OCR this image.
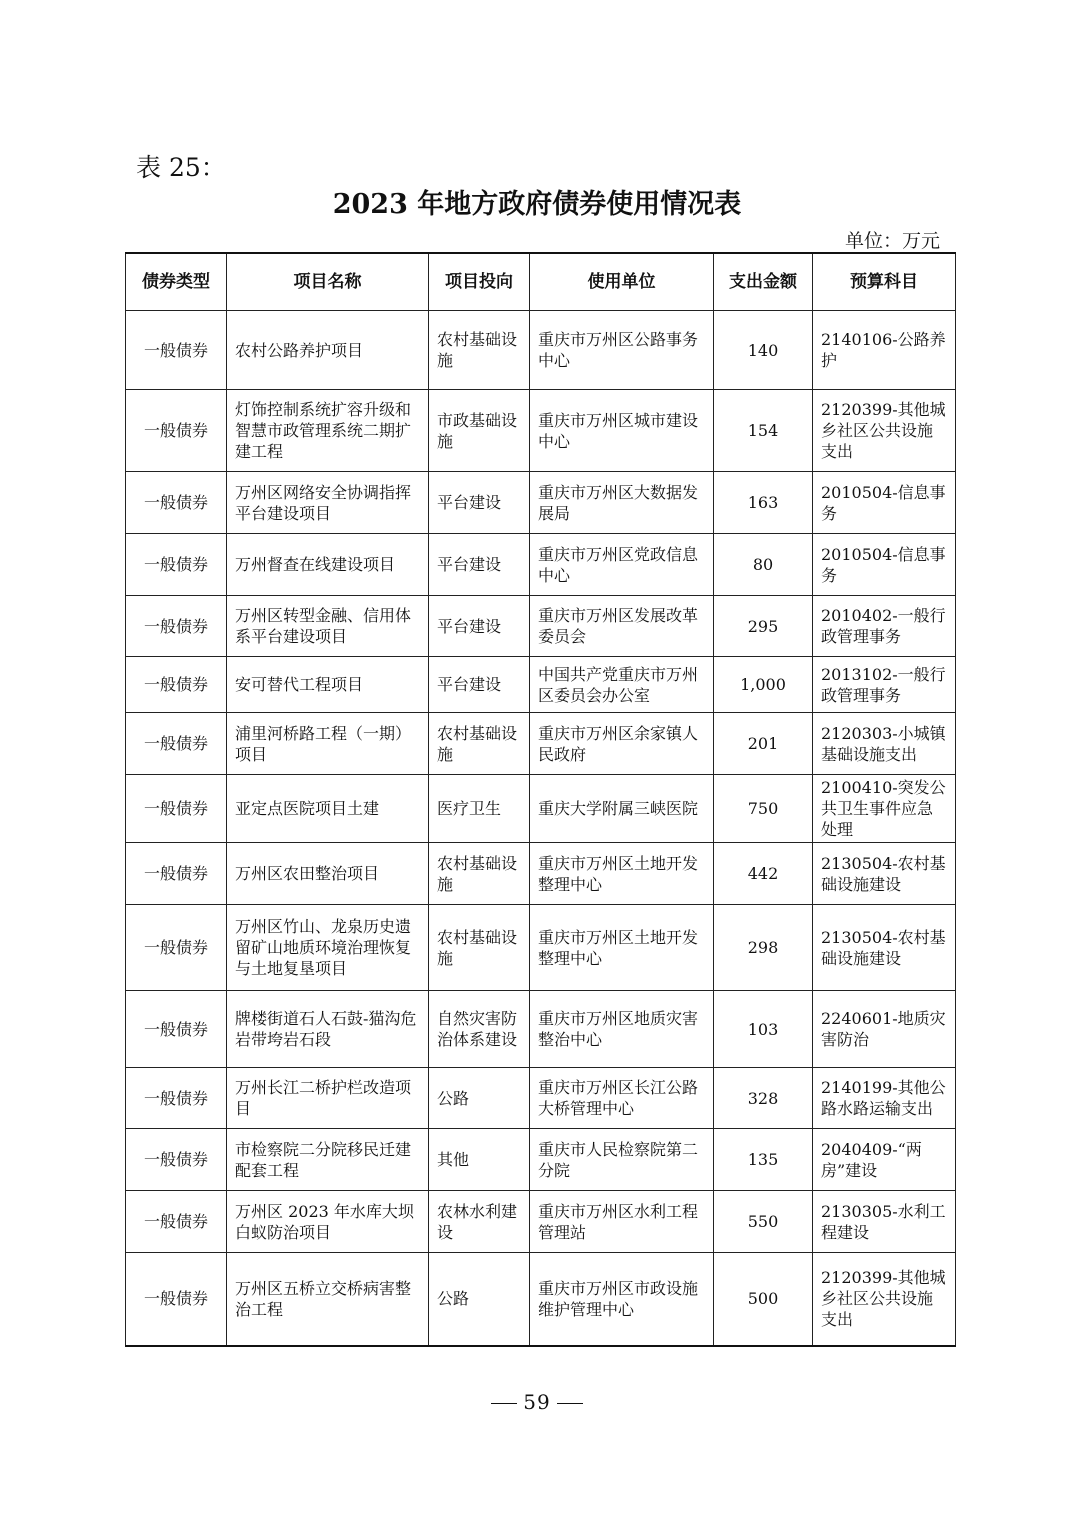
表 25：
2023 年地方政府债券使用情况表
单位：万元
债券类型	项目名称	项目投向	使用单位	支出金额	预算科目
一般债券	农村公路养护项目	农村基础设施	重庆市万州区公路事务中心	140	2140106-公路养护
一般债券	灯饰控制系统扩容升级和智慧市政管理系统二期扩建工程	市政基础设施	重庆市万州区城市建设中心	154	2120399-其他城乡社区公共设施支出
一般债券	万州区网络安全协调指挥平台建设项目	平台建设	重庆市万州区大数据发展局	163	2010504-信息事务
一般债券	万州督查在线建设项目	平台建设	重庆市万州区党政信息中心	80	2010504-信息事务
一般债券	万州区转型金融、信用体系平台建设项目	平台建设	重庆市万州区发展改革委员会	295	2010402-一般行政管理事务
一般债券	安可替代工程项目	平台建设	中国共产党重庆市万州区委员会办公室	1,000	2013102-一般行政管理事务
一般债券	浦里河桥路工程（一期）项目	农村基础设施	重庆市万州区余家镇人民政府	201	2120303-小城镇基础设施支出
一般债券	亚定点医院项目土建	医疗卫生	重庆大学附属三峡医院	750	2100410-突发公共卫生事件应急处理
一般债券	万州区农田整治项目	农村基础设施	重庆市万州区土地开发整理中心	442	2130504-农村基础设施建设
一般债券	万州区竹山、龙泉历史遗留矿山地质环境治理恢复与土地复垦项目	农村基础设施	重庆市万州区土地开发整理中心	298	2130504-农村基础设施建设
一般债券	牌楼街道石人石鼓-猫沟危岩带垮岩石段	自然灾害防治体系建设	重庆市万州区地质灾害整治中心	103	2240601-地质灾害防治
一般债券	万州长江二桥护栏改造项目	公路	重庆市万州区长江公路大桥管理中心	328	2140199-其他公路水路运输支出
一般债券	市检察院二分院移民迁建配套工程	其他	重庆市人民检察院第二分院	135	2040409-“两房”建设
一般债券	万州区 2023 年水库大坝白蚁防治项目	农林水利建设	重庆市万州区水利工程管理站	550	2130305-水利工程建设
一般债券	万州区五桥立交桥病害整治工程	公路	重庆市万州区市政设施维护管理中心	500	2120399-其他城乡社区公共设施支出
59
